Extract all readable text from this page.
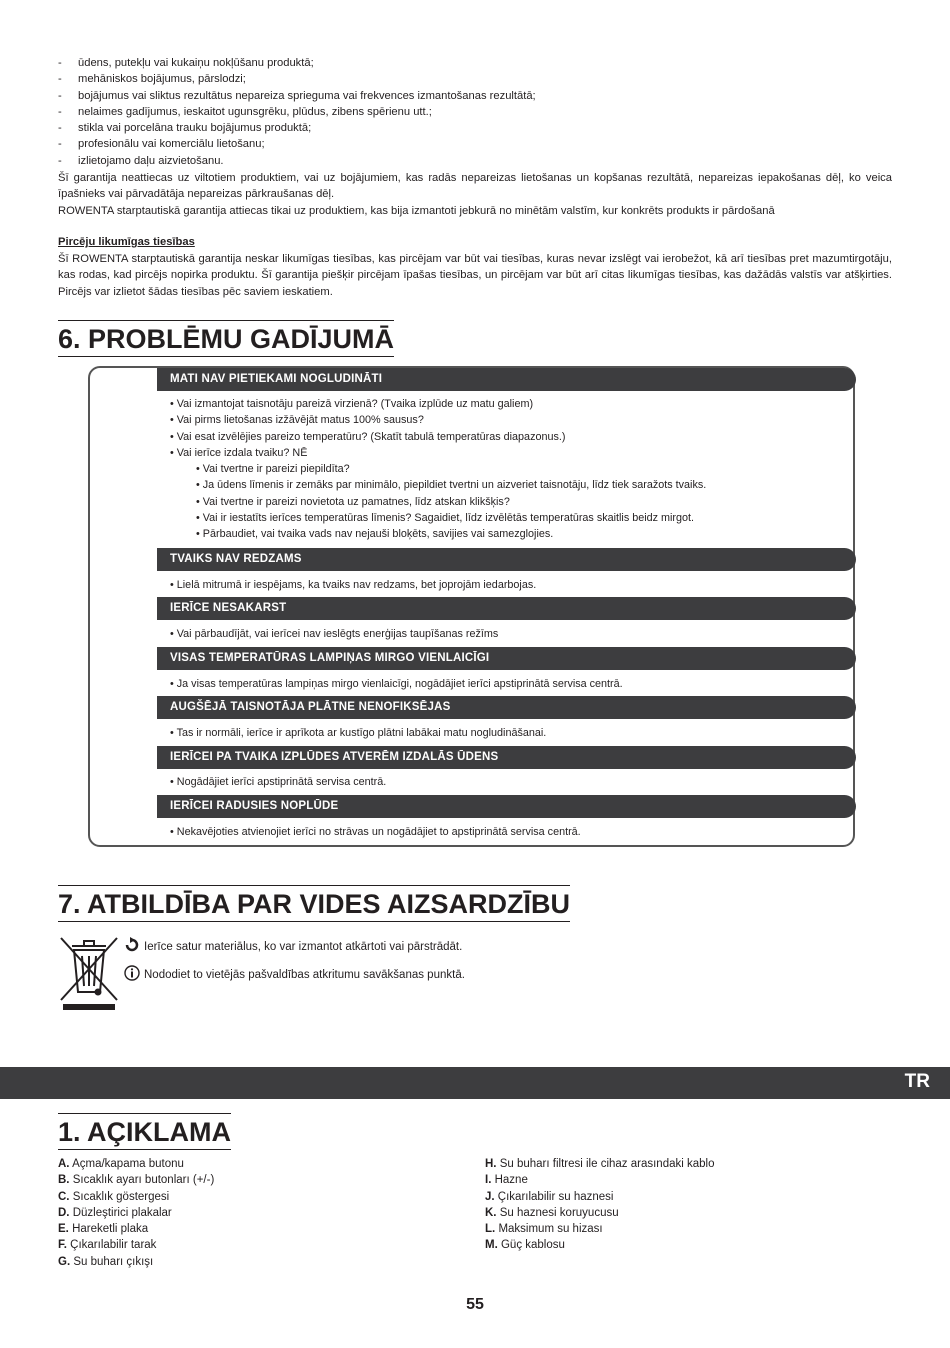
- ūdens, putekļu vai kukaiņu nokļūšanu produktā;
- mehāniskos bojājumus, pārslodzi;
- bojājumus vai sliktus rezultātus nepareiza sprieguma vai frekvences izmantošanas rezultātā;
- nelaimes gadījumus, ieskaitot ugunsgrēku, plūdus, zibens spērienu utt.;
- stikla vai porcelāna trauku bojājumus produktā;
- profesionālu vai komerciālu lietošanu;
- izlietojamo daļu aizvietošanu.

Šī garantija neattiecas uz viltotiem produktiem, vai uz bojājumiem, kas radās nepareizas lietošanas un kopšanas rezultātā, nepareizas iepakošanas dēļ, ko veica īpašnieks vai pārvadātāja nepareizas pārkraušanas dēļ.

ROWENTA starptautiskā garantija attiecas tikai uz produktiem, kas bija izmantoti jebkurā no minētām valstīm, kur konkrēts produkts ir pārdošanā

Pircēju likumīgas tiesības

Šī ROWENTA starptautiskā garantija neskar likumīgas tiesības, kas pircējam var būt vai tiesības, kuras nevar izslēgt vai ierobežot, kā arī tiesības pret mazumtirgotāju, kas rodas, kad pircējs nopirka produktu. Šī garantija piešķir pircējam īpašas tiesības, un pircējam var būt arī citas likumīgas tiesības, kas dažādās valstīs var atšķirties. Pircējs var izlietot šādas tiesības pēc saviem ieskatiem.

6. PROBLĒMU GADĪJUMĀ
MATI NAV PIETIEKAMI NOGLUDINĀTI
• Vai izmantojat taisnotāju pareizā virzienā? (Tvaika izplūde uz matu galiem)
• Vai pirms lietošanas izžāvējāt matus 100% sausus?
• Vai esat izvēlējies pareizo temperatūru? (Skatīt tabulā temperatūras diapazonus.)
• Vai ierīce izdala tvaiku? NĒ
• Vai tvertne ir pareizi piepildīta?
• Ja ūdens līmenis ir zemāks par minimālo, piepildiet tvertni un aizveriet taisnotāju, līdz tiek saražots tvaiks.
• Vai tvertne ir pareizi novietota uz pamatnes, līdz atskan klikšķis?
• Vai ir iestatīts ierīces temperatūras līmenis? Sagaidiet, līdz izvēlētās temperatūras skaitlis beidz mirgot.
• Pārbaudiet, vai tvaika vads nav nejauši bloķēts, savijies vai samezglojies.
TVAIKS NAV REDZAMS
• Lielā mitrumā ir iespējams, ka tvaiks nav redzams, bet joprojām iedarbojas.
IERĪCE NESAKARST
• Vai pārbaudījāt, vai ierīcei nav ieslēgts enerģijas taupīšanas režīms
VISAS TEMPERATŪRAS LAMPIŅAS MIRGO VIENLAICĪGI
• Ja visas temperatūras lampiņas mirgo vienlaicīgi, nogādājiet ierīci apstiprinātā servisa centrā.
AUGŠĒJĀ TAISNOTĀJA PLĀTNE NENOFIKSĒJAS
• Tas ir normāli, ierīce ir aprīkota ar kustīgo plātni labākai matu nogludināšanai.
IERĪCEI PA TVAIKA IZPLŪDES ATVERĒM IZDALĀS ŪDENS
• Nogādājiet ierīci apstiprinātā servisa centrā.
IERĪCEI RADUSIES NOPLŪDE
• Nekavējoties atvienojiet ierīci no strāvas un nogādājiet to apstiprinātā servisa centrā.
7. ATBILDĪBA PAR VIDES AIZSARDZĪBU
Ierīce satur materiālus, ko var izmantot atkārtoti vai pārstrādāt.
Nododiet to vietējās pašvaldības atkritumu savākšanas punktā.
TR
1. AÇIKLAMA
A. Açma/kapama butonu
B. Sıcaklık ayarı butonları (+/-)
C. Sıcaklık göstergesi
D. Düzleştirici plakalar
E. Hareketli plaka
F. Çıkarılabilir tarak
G. Su buharı çıkışı
H. Su buharı filtresi ile cihaz arasındaki kablo
I. Hazne
J. Çıkarılabilir su haznesi
K. Su haznesi koruyucusu
L. Maksimum su hizası
M. Güç kablosu
55
